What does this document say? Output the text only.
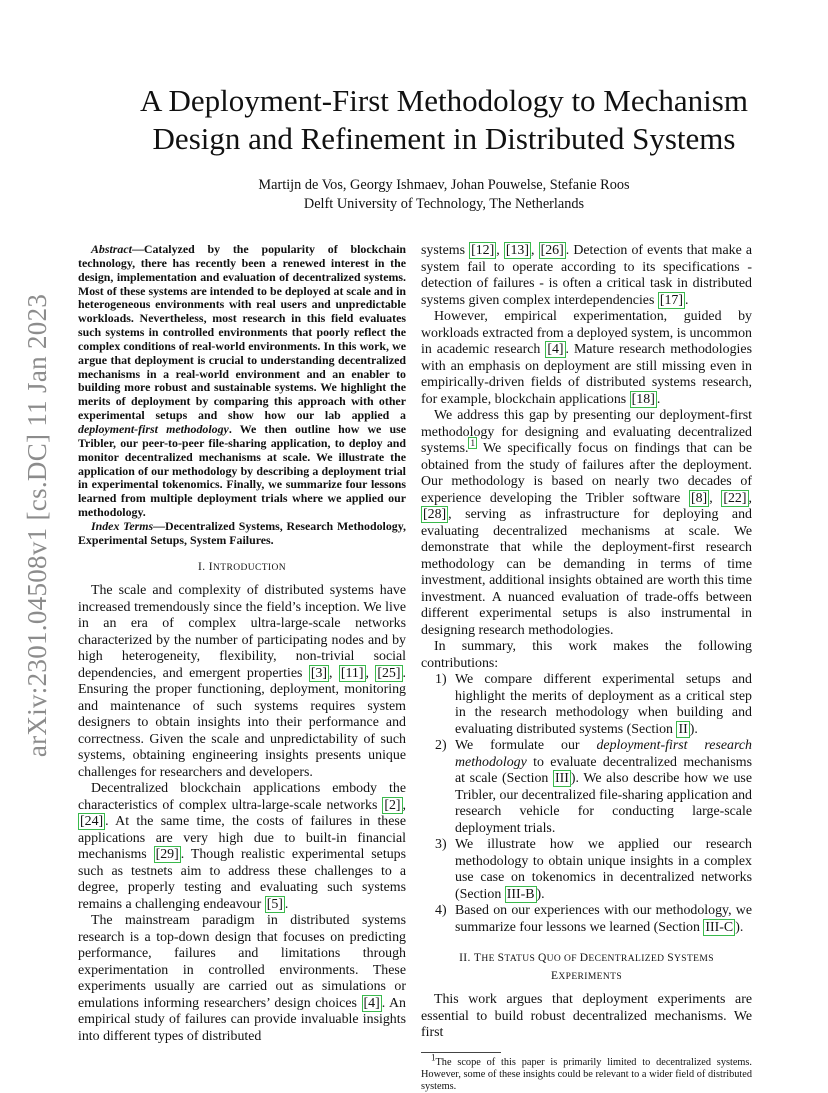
arXiv:2301.04508v1 [cs.DC] 11 Jan 2023
A Deployment-First Methodology to Mechanism
Design and Refinement in Distributed Systems
Martijn de Vos, Georgy Ishmaev, Johan Pouwelse, Stefanie Roos
Delft University of Technology, The Netherlands

Abstract—Catalyzed by the popularity of blockchain technology, there has recently been a renewed interest in the design, implementation and evaluation of decentralized systems. Most of these systems are intended to be deployed at scale and in heterogeneous environments with real users and unpredictable workloads. Nevertheless, most research in this field evaluates such systems in controlled environments that poorly reflect the complex conditions of real-world environments. In this work, we argue that deployment is crucial to understanding decentralized mechanisms in a real-world environment and an enabler to building more robust and sustainable systems. We highlight the merits of deployment by comparing this approach with other experimental setups and show how our lab applied a deployment-first methodology. We then outline how we use Tribler, our peer-to-peer file-sharing application, to deploy and monitor decentralized mechanisms at scale. We illustrate the application of our methodology by describing a deployment trial in experimental tokenomics. Finally, we summarize four lessons learned from multiple deployment trials where we applied our methodology.

Index Terms—Decentralized Systems, Research Methodology, Experimental Setups, System Failures.

I. INTRODUCTION

The scale and complexity of distributed systems have increased tremendously since the field’s inception. We live in an era of complex ultra-large-scale networks characterized by the number of participating nodes and by high heterogeneity, flexibility, non-trivial social dependencies, and emergent properties [3] , [11] , [25] . Ensuring the proper functioning, deployment, monitoring and maintenance of such systems requires system designers to obtain insights into their performance and correctness. Given the scale and unpredictability of such systems, obtaining engineering insights presents unique challenges for researchers and developers.

Decentralized blockchain applications embody the characteristics of complex ultra-large-scale networks [2] , [24] . At the same time, the costs of failures in these applications are very high due to built-in financial mechanisms [29] . Though realistic experimental setups such as testnets aim to address these challenges to a degree, properly testing and evaluating such systems remains a challenging endeavour [5] .

The mainstream paradigm in distributed systems research is a top-down design that focuses on predicting performance, failures and limitations through experimentation in controlled environments. These experiments usually are carried out as simulations or emulations informing researchers’ design choices [4] . An empirical study of failures can provide invaluable insights into different types of distributed

systems [12] , [13] , [26] . Detection of events that make a system fail to operate according to its specifications - detection of failures - is often a critical task in distributed systems given complex interdependencies [17] .

However, empirical experimentation, guided by workloads extracted from a deployed system, is uncommon in academic research [4] . Mature research methodologies with an emphasis on deployment are still missing even in empirically-driven fields of distributed systems research, for example, blockchain applications [18] .

We address this gap by presenting our deployment-first methodology for designing and evaluating decentralized systems. $^1$ We specifically focus on findings that can be obtained from the study of failures after the deployment. Our methodology is based on nearly two decades of experience developing the Tribler software [8] , [22] , [28] , serving as infrastructure for deploying and evaluating decentralized mechanisms at scale. We demonstrate that while the deployment-first research methodology can be demanding in terms of time investment, additional insights obtained are worth this time investment. A nuanced evaluation of trade-offs between different experimental setups is also instrumental in designing research methodologies.

In summary, this work makes the following contributions:

1) We compare different experimental setups and highlight the merits of deployment as a critical step in the research methodology when building and evaluating distributed systems (Section II ).
2) We formulate our deployment-first research methodology to evaluate decentralized mechanisms at scale (Section III ). We also describe how we use Tribler, our decentralized file-sharing application and research vehicle for conducting large-scale deployment trials.
3) We illustrate how we applied our research methodology to obtain unique insights in a complex use case on tokenomics in decentralized networks (Section III-B ).
4) Based on our experiences with our methodology, we summarize four lessons we learned (Section III-C ).
II. THE STATUS QUO OF DECENTRALIZED SYSTEMS
EXPERIMENTS

This work argues that deployment experiments are essential to build robust decentralized mechanisms. We first

$^1$The scope of this paper is primarily limited to decentralized systems. However, some of these insights could be relevant to a wider field of distributed systems.
